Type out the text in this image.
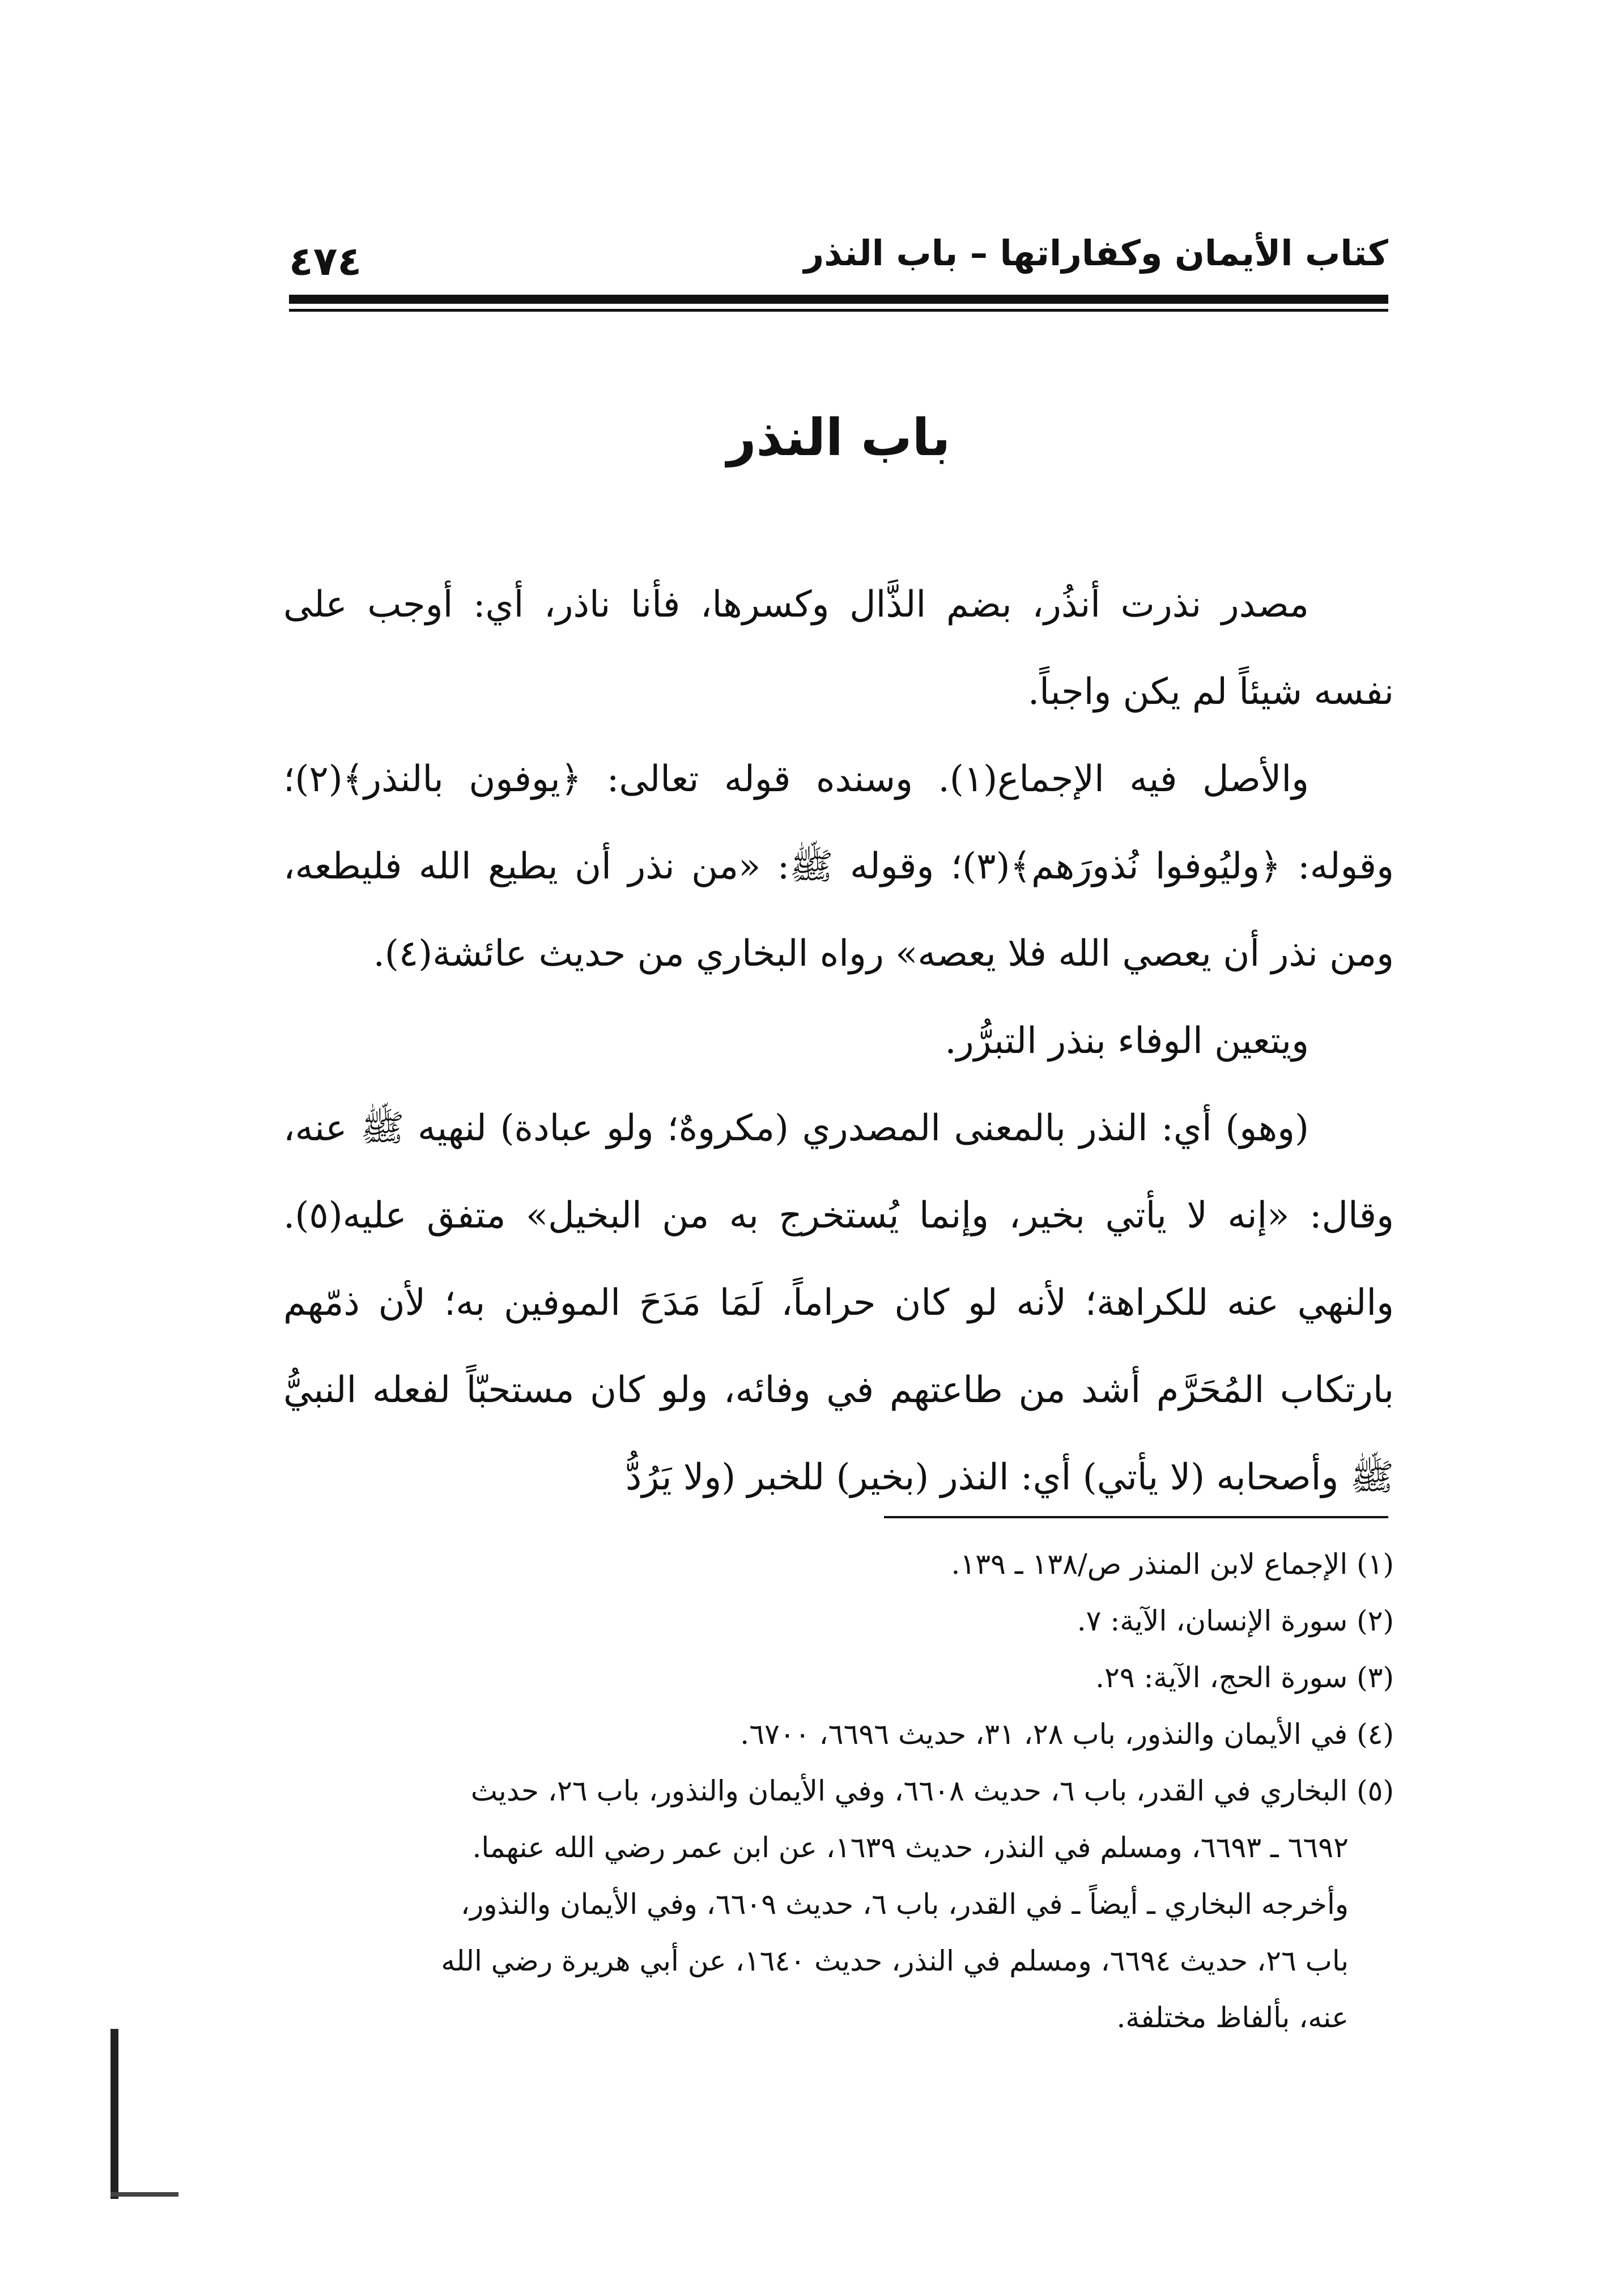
كتاب الأيمان وكفاراتها – باب النذر
٤٧٤
باب النذر

مصدر نذرت أنذُر، بضم الذَّال وكسرها، فأنا ناذر، أي: أوجب على نفسه شيئاً لم يكن واجباً.

والأصل فيه الإجماع(١). وسنده قوله تعالى: ﴿يوفون بالنذر﴾(٢)؛ وقوله: ﴿وليُوفوا نُذورَهم﴾(٣)؛ وقوله ﷺ: «من نذر أن يطيع الله فليطعه، ومن نذر أن يعصي الله فلا يعصه» رواه البخاري من حديث عائشة(٤).

ويتعين الوفاء بنذر التبرُّر.

(وهو) أي: النذر بالمعنى المصدري (مكروهٌ؛ ولو عبادة) لنهيه ﷺ عنه، وقال: «إنه لا يأتي بخير، وإنما يُستخرج به من البخيل» متفق عليه(٥). والنهي عنه للكراهة؛ لأنه لو كان حراماً، لَمَا مَدَحَ الموفين به؛ لأن ذمّهم بارتكاب المُحَرَّم أشد من طاعتهم في وفائه، ولو كان مستحبّاً لفعله النبيُّ ﷺ وأصحابه (لا يأتي) أي: النذر (بخير) للخبر (ولا يَرُدُّ

(١) الإجماع لابن المنذر ص/١٣٨ ـ ١٣٩.

(٢) سورة الإنسان، الآية: ٧.

(٣) سورة الحج، الآية: ٢٩.

(٤) في الأيمان والنذور، باب ٢٨، ٣١، حديث ٦٦٩٦، ٦٧٠٠.

(٥) البخاري في القدر، باب ٦، حديث ٦٦٠٨، وفي الأيمان والنذور، باب ٢٦، حديث

٦٦٩٢ ـ ٦٦٩٣، ومسلم في النذر، حديث ١٦٣٩، عن ابن عمر رضي الله عنهما.

وأخرجه البخاري ـ أيضاً ـ في القدر، باب ٦، حديث ٦٦٠٩، وفي الأيمان والنذور،

باب ٢٦، حديث ٦٦٩٤، ومسلم في النذر، حديث ١٦٤٠، عن أبي هريرة رضي الله

عنه، بألفاظ مختلفة.
